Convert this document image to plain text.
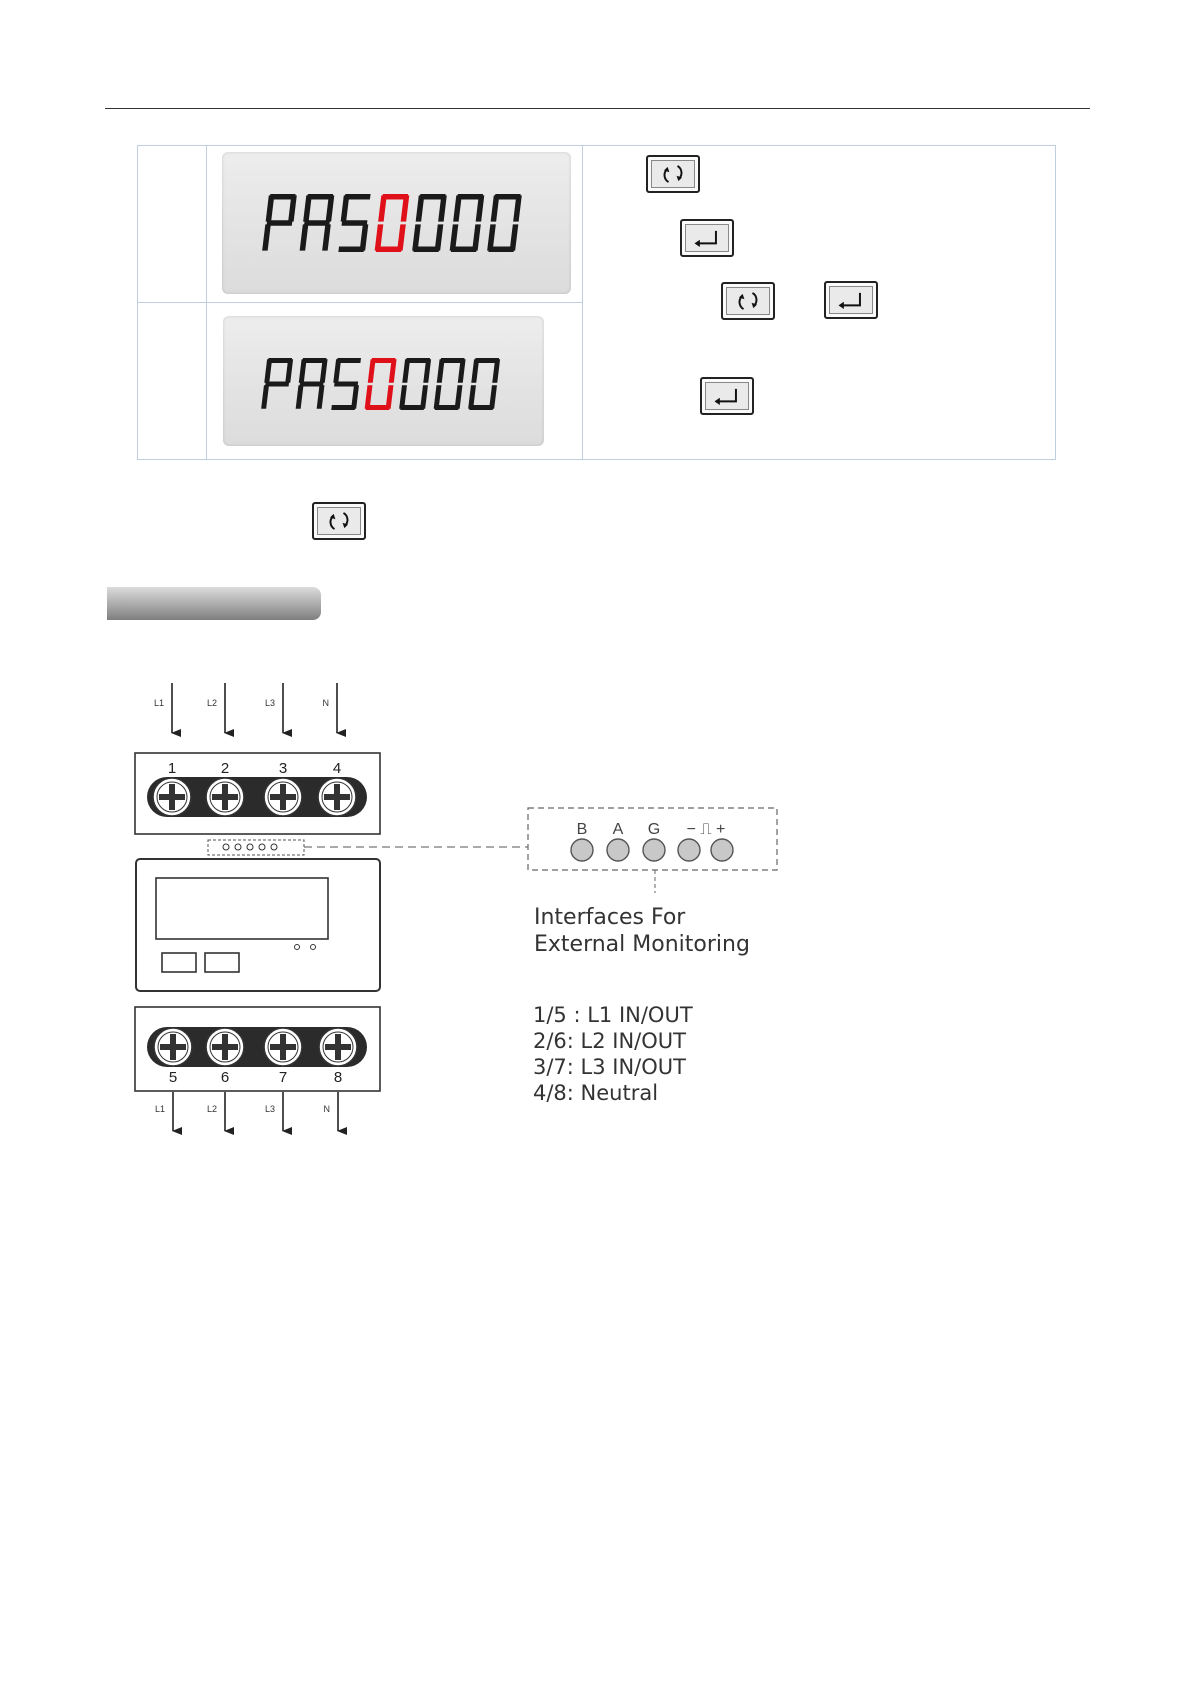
L1	L2	L3	N
1	2	3	4
B A G − ⎍ +
5	6	7	8
L1	L2	L3	N
Interfaces For
External Monitoring
1/5 : L1 IN/OUT
2/6: L2 IN/OUT
3/7: L3 IN/OUT
4/8: Neutral
